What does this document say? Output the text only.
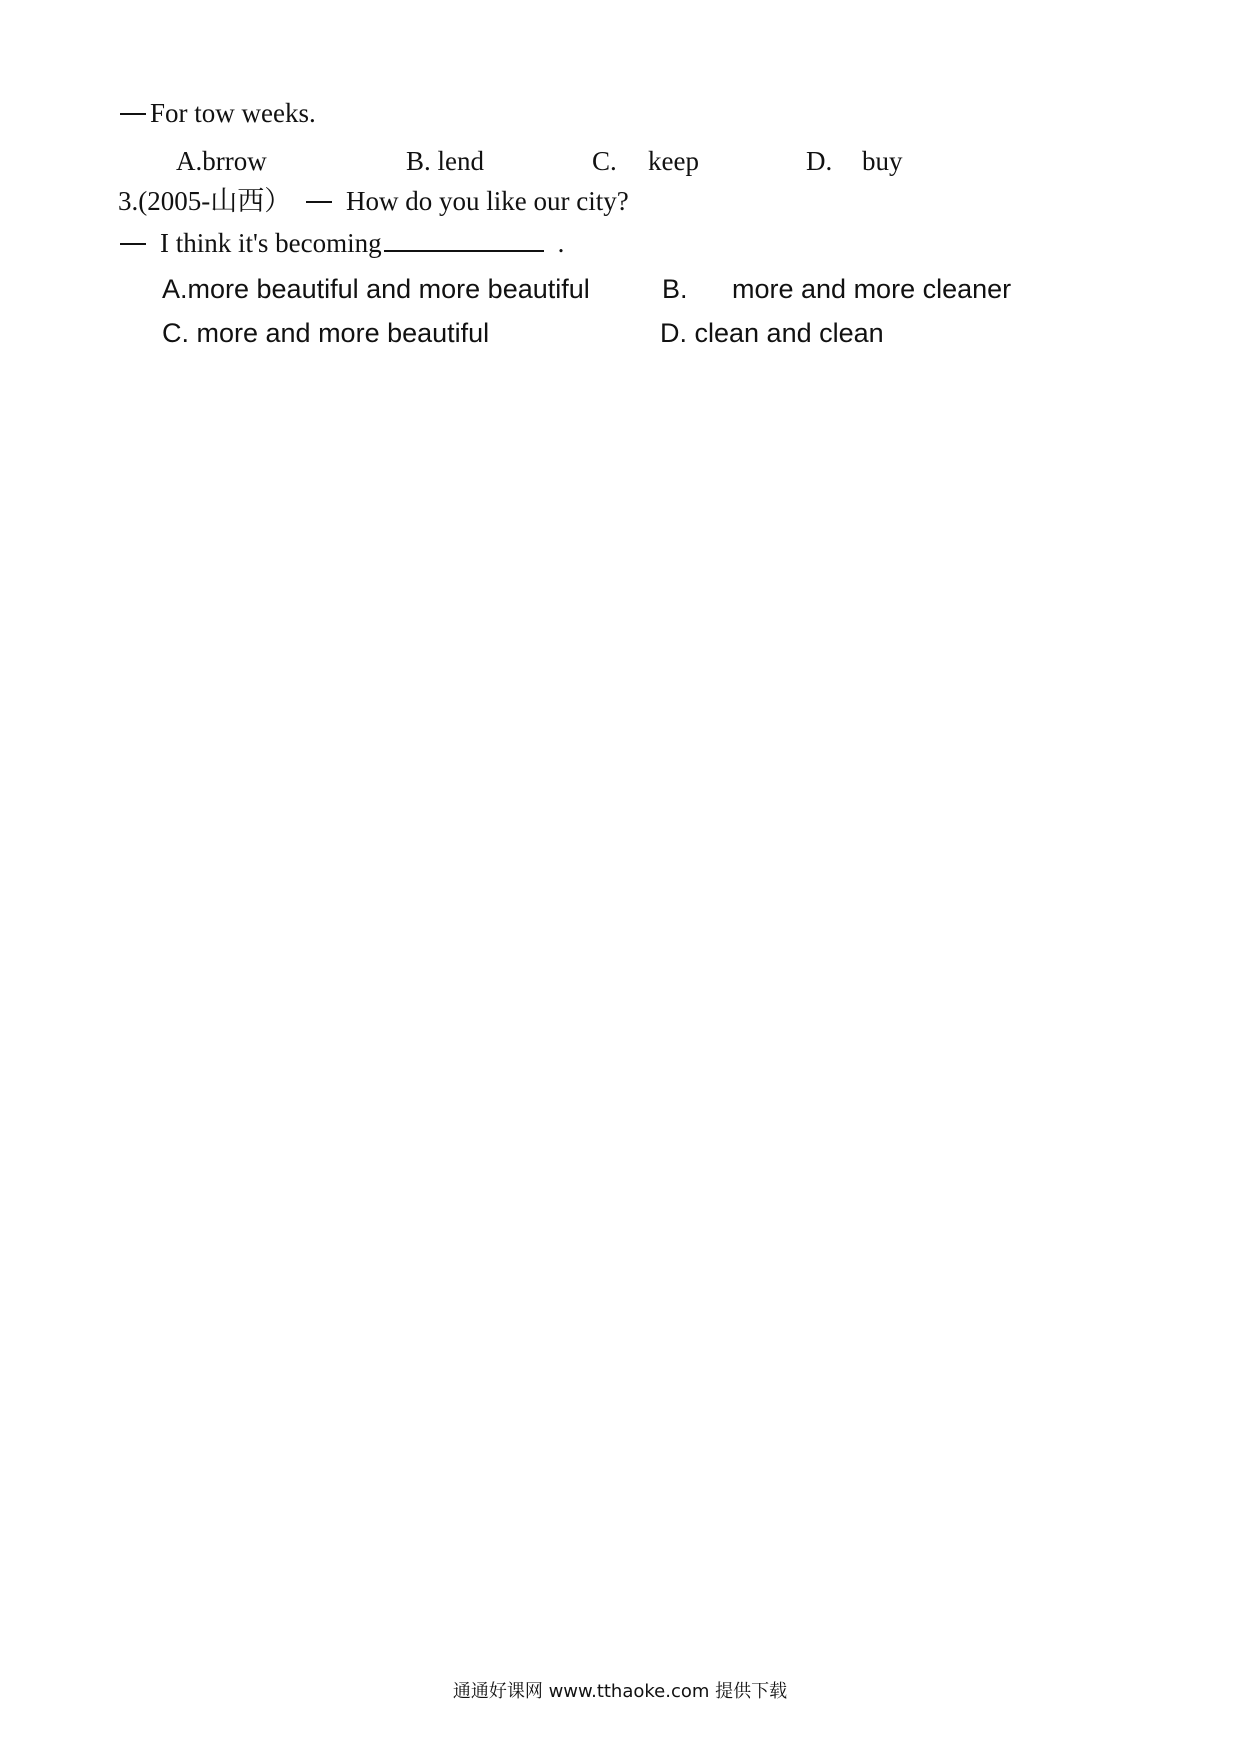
For tow weeks.
A.brrow	B. lend	C. keep	D. buy
3.(2005-山西） How do you like our city?
I think it's becoming	.
A.more beautiful and more beautiful	B. more and more cleaner
C. more and more beautiful	D. clean and clean
通通好课网 www.tthaoke.com 提供下载
